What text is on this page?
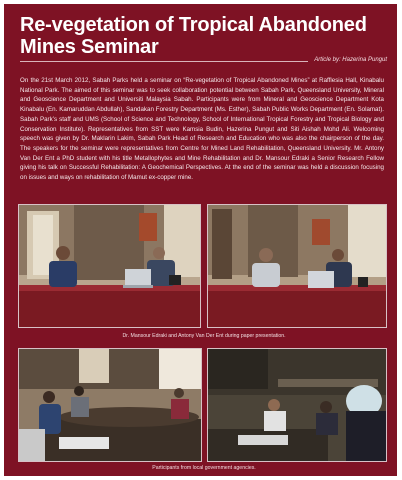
Re-vegetation of Tropical Abandoned
Mines Seminar
Article by: Hazerina Pungut
On the 21st March 2012, Sabah Parks held a seminar on “Re-vegetation of Tropical Abandoned Mines” at Rafflesia Hall, Kinabalu National Park. The aimed of this seminar was to seek collaboration potential between Sabah Park, Queensland University, Mineral and Geoscience Department and Universiti Malaysia Sabah. Participants were from Mineral and Geoscience Department Kota Kinabalu (En. Kamaruddan Abdullah), Sandakan Forestry Department (Ms. Esther), Sabah Public Works Department (En. Solamat). Sabah Park’s staff and UMS (School of Science and Technology, School of International Tropical Forestry and Tropical Biology and Conservation Institute). Representatives from SST were Kamsia Budin, Hazerina Pungut and Siti Aishah Mohd Ali. Welcoming speech was given by Dr. Maklarin Lakim, Sabah Park Head of Research and Education who was also the chairperson of the day. The speakers for the seminar were representatives from Centre for Mined Land Rehabilitation, Queensland University. Mr. Antony Van Der Ent a PhD student with his title Metallophytes and Mine Rehabilitation and Dr. Mansour Edraki a Senior Research Fellow giving his talk on Successful Rehabilitation: A Geochemical Perspectives. At the end of the seminar was held a discussion focusing on issues and ways on rehabilitation of Mamut ex-copper mine.
Dr. Mansour Edraki and Antony Van Der Ent during paper presentation.
Participants from local government agencies.
